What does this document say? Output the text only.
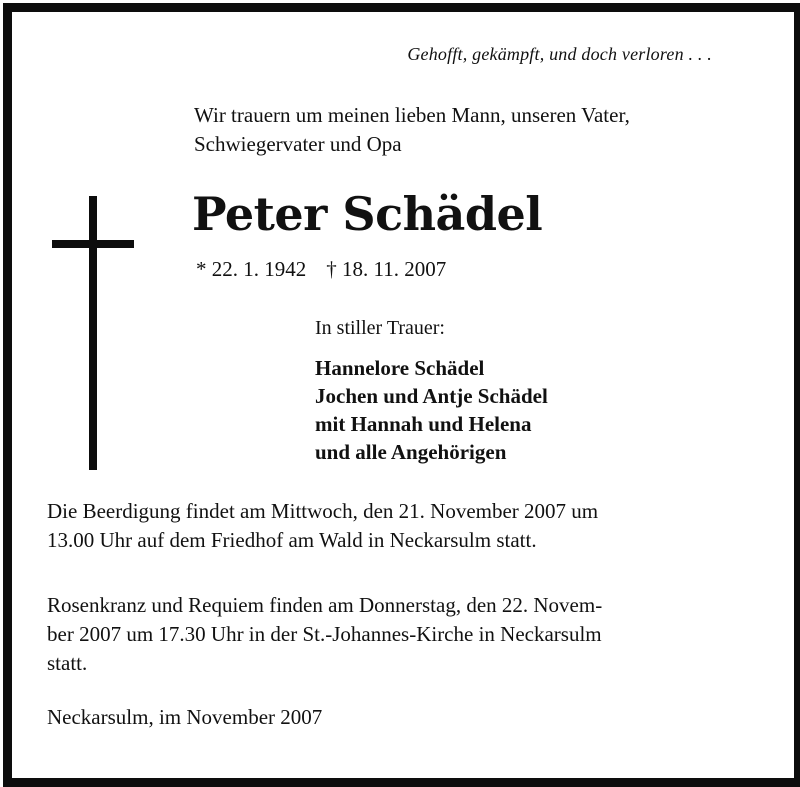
Gehofft, gekämpft, und doch verloren . . .
Wir trauern um meinen lieben Mann, unseren Vater,
Schwiegervater und Opa
Peter Schädel
* 22. 1. 1942 † 18. 11. 2007
In stiller Trauer:
Hannelore Schädel
Jochen und Antje Schädel
mit Hannah und Helena
und alle Angehörigen
Die Beerdigung findet am Mittwoch, den 21. November 2007 um
13.00 Uhr auf dem Friedhof am Wald in Neckarsulm statt.
Rosenkranz und Requiem finden am Donnerstag, den 22. Novem-
ber 2007 um 17.30 Uhr in der St.-Johannes-Kirche in Neckarsulm
statt.
Neckarsulm, im November 2007
